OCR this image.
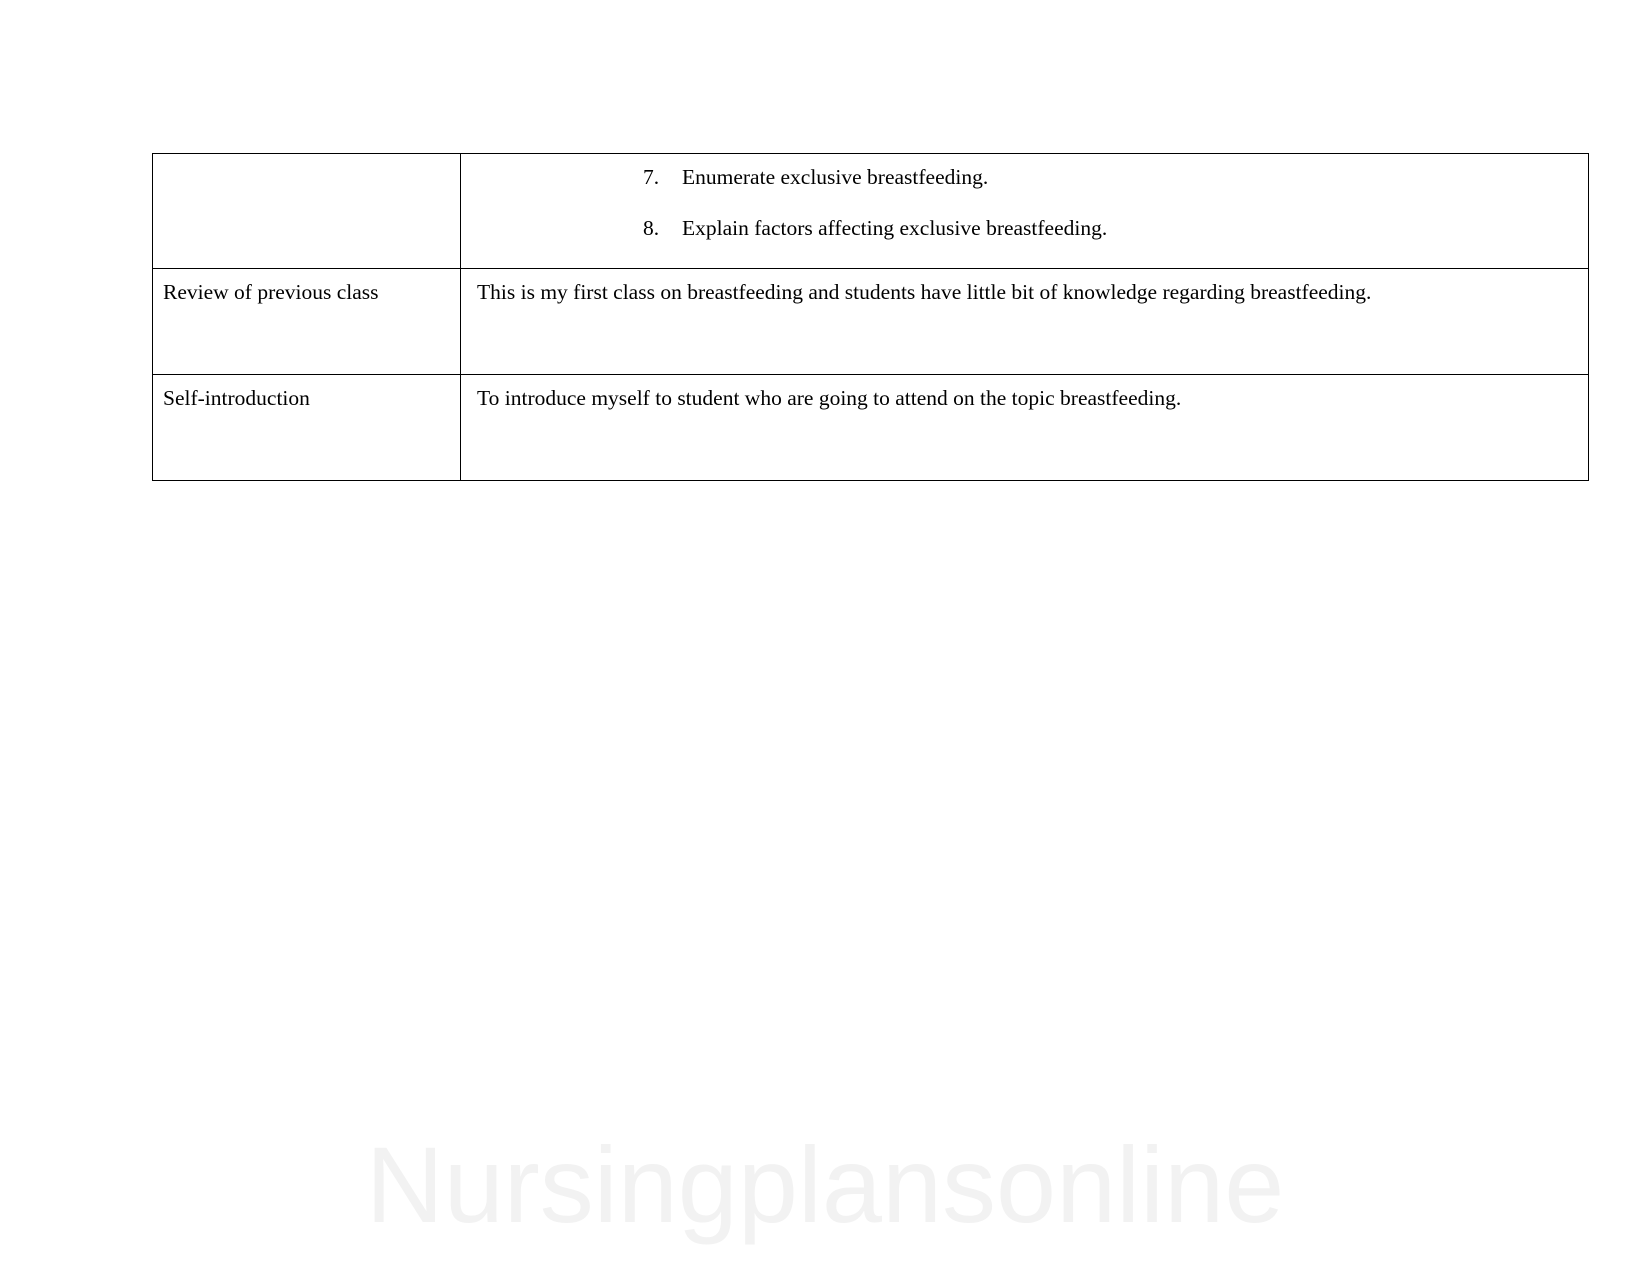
7.	Enumerate exclusive breastfeeding.
8.	Explain factors affecting exclusive breastfeeding.

Review of previous class	This is my first class on breastfeeding and students have little bit of knowledge regarding breastfeeding.

Self-introduction	To introduce myself to student who are going to attend on the topic breastfeeding.
Nursingplansonline
